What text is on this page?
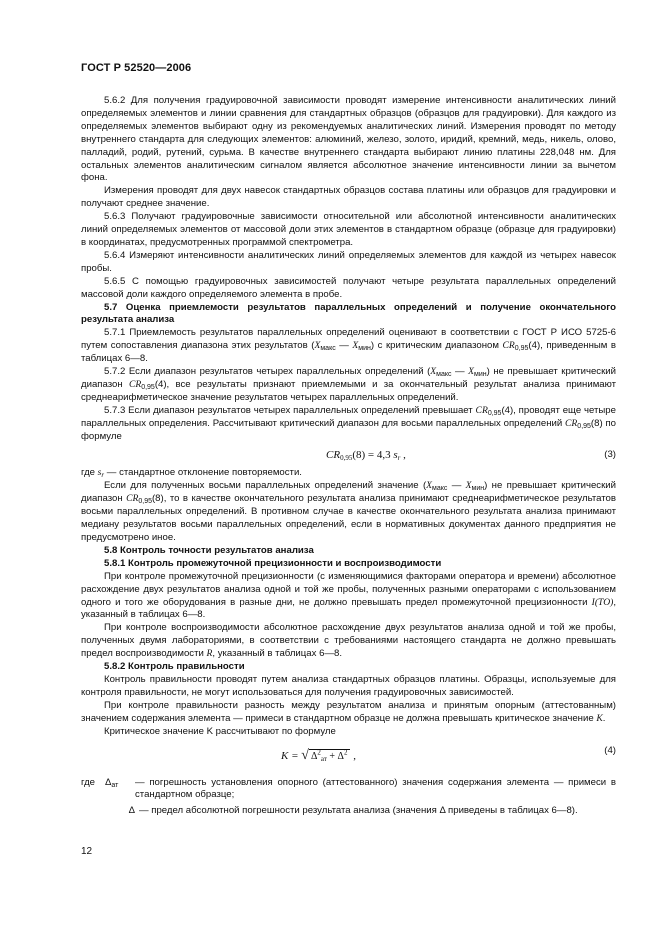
ГОСТ Р 52520—2006

5.6.2 Для получения градуировочной зависимости проводят измерение интенсивности аналитических линий определяемых элементов и линии сравнения для стандартных образцов (образцов для градуировки). Для каждого из определяемых элементов выбирают одну из рекомендуемых аналитических линий. Измерения проводят по методу внутреннего стандарта для следующих элементов: алюминий, железо, золото, иридий, кремний, медь, никель, олово, палладий, родий, рутений, сурьма. В качестве внутреннего стандарта выбирают линию платины 228,048 нм. Для остальных элементов аналитическим сигналом является абсолютное значение интенсивности линии за вычетом фона.

Измерения проводят для двух навесок стандартных образцов состава платины или образцов для градуировки и получают среднее значение.

5.6.3 Получают градуировочные зависимости относительной или абсолютной интенсивности аналитических линий определяемых элементов от массовой доли этих элементов в стандартном образце (образце для градуировки) в координатах, предусмотренных программой спектрометра.

5.6.4 Измеряют интенсивности аналитических линий определяемых элементов для каждой из четырех навесок пробы.

5.6.5 С помощью градуировочных зависимостей получают четыре результата параллельных определений массовой доли каждого определяемого элемента в пробе.

5.7 Оценка приемлемости результатов параллельных определений и получение окончательного результата анализа

5.7.1 Приемлемость результатов параллельных определений оценивают в соответствии с ГОСТ Р ИСО 5725-6 путем сопоставления диапазона этих результатов ($X_{макс}$ — $X_{мин}$) с критическим диапазоном $CR_{0,95}(4)$, приведенным в таблицах 6—8.

5.7.2 Если диапазон результатов четырех параллельных определений ($X_{макс}$ — $X_{мин}$) не превышает критический диапазон $CR_{0,95}(4)$, все результаты признают приемлемыми и за окончательный результат анализа принимают среднеарифметическое значение результатов четырех параллельных определений.

5.7.3 Если диапазон результатов четырех параллельных определений превышает $CR_{0,95}(4)$, проводят еще четыре параллельных определения. Рассчитывают критический диапазон для восьми параллельных определений $CR_{0,95}(8)$ по формуле

$CR_{0,95}(8) = 4,3$ $s_r$ ,	(3)

где $s_r$ — стандартное отклонение повторяемости.

Если для полученных восьми параллельных определений значение ($X_{макс}$ — $X_{мин}$) не превышает критический диапазон $CR_{0,95}(8)$, то в качестве окончательного результата анализа принимают среднеарифметическое результатов восьми параллельных определений. В противном случае в качестве окончательного результата анализа принимают медиану результатов восьми параллельных определений, если в нормативных документах данного предприятия не предусмотрено иное.

5.8 Контроль точности результатов анализа

5.8.1 Контроль промежуточной прецизионности и воспроизводимости

При контроле промежуточной прецизионности (с изменяющимися факторами оператора и времени) абсолютное расхождение двух результатов анализа одной и той же пробы, полученных разными операторами с использованием одного и того же оборудования в разные дни, не должно превышать предел промежуточной прецизионности I(TO), указанный в таблицах 6—8.

При контроле воспроизводимости абсолютное расхождение двух результатов анализа одной и той же пробы, полученных двумя лабораториями, в соответствии с требованиями настоящего стандарта не должно превышать предел воспроизводимости R, указанный в таблицах 6—8.

5.8.2 Контроль правильности

Контроль правильности проводят путем анализа стандартных образцов платины. Образцы, используемые для контроля правильности, не могут использоваться для получения градуировочных зависимостей.

При контроле правильности разность между результатом анализа и принятым опорным (аттестованным) значением содержания элемента — примеси в стандартном образце не должна превышать критическое значение K.

Критическое значение K рассчитывают по формуле

K = √ $\Delta^2_{ат} + \Delta^2$ ,	(4)
где	$\Delta_{ат}$	— погрешность установления опорного (аттестованного) значения содержания элемента — примеси в стандартном образце;
Δ — предел абсолютной погрешности результата анализа (значения Δ приведены в таблицах 6—8).
12
